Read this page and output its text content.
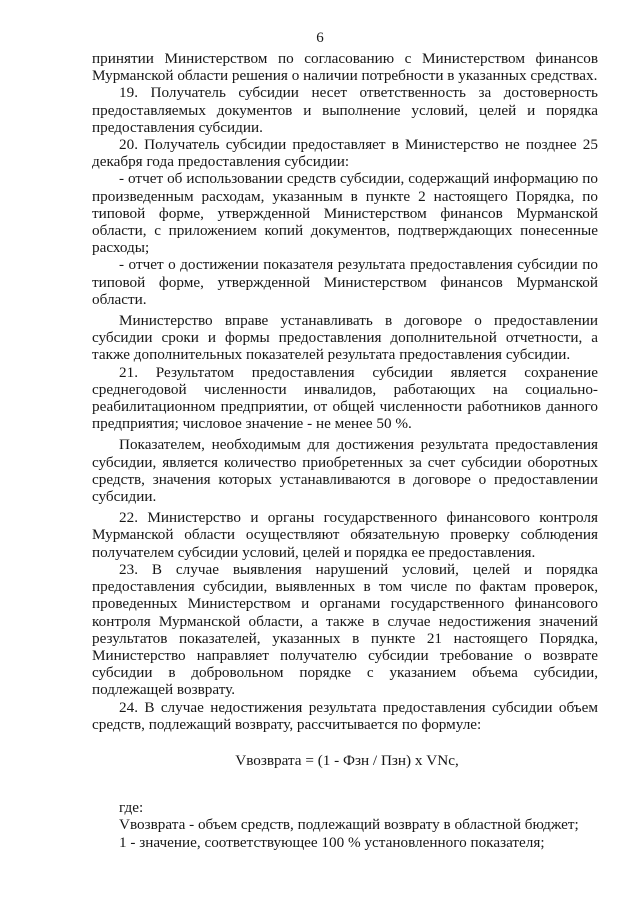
6

принятии Министерством по согласованию с Министерством финансов Мурманской области решения о наличии потребности в указанных средствах.

19. Получатель субсидии несет ответственность за достоверность предоставляемых документов и выполнение условий, целей и порядка предоставления субсидии.

20. Получатель субсидии предоставляет в Министерство не позднее 25 декабря года предоставления субсидии:

- отчет об использовании средств субсидии, содержащий информацию по произведенным расходам, указанным в пункте 2 настоящего Порядка, по типовой форме, утвержденной Министерством финансов Мурманской области, с приложением копий документов, подтверждающих понесенные расходы;

- отчет о достижении показателя результата предоставления субсидии по типовой форме, утвержденной Министерством финансов Мурманской области.

Министерство вправе устанавливать в договоре о предоставлении субсидии сроки и формы предоставления дополнительной отчетности, а также дополнительных показателей результата предоставления субсидии.

21. Результатом предоставления субсидии является сохранение среднегодовой численности инвалидов, работающих на социально-реабилитационном предприятии, от общей численности работников данного предприятия; числовое значение - не менее 50 %.

Показателем, необходимым для достижения результата предоставления субсидии, является количество приобретенных за счет субсидии оборотных средств, значения которых устанавливаются в договоре о предоставлении субсидии.

22. Министерство и органы государственного финансового контроля Мурманской области осуществляют обязательную проверку соблюдения получателем субсидии условий, целей и порядка ее предоставления.

23. В случае выявления нарушений условий, целей и порядка предоставления субсидии, выявленных в том числе по фактам проверок, проведенных Министерством и органами государственного финансового контроля Мурманской области, а также в случае недостижения значений результатов показателей, указанных в пункте 21 настоящего Порядка, Министерство направляет получателю субсидии требование о возврате субсидии в добровольном порядке с указанием объема субсидии, подлежащей возврату.

24. В случае недостижения результата предоставления субсидии объем средств, подлежащий возврату, рассчитывается по формуле:

Vвозврата = (1 - Фзн / Пзн) х VNc,

где:

Vвозврата - объем средств, подлежащий возврату в областной бюджет;

1 - значение, соответствующее 100 % установленного показателя;
